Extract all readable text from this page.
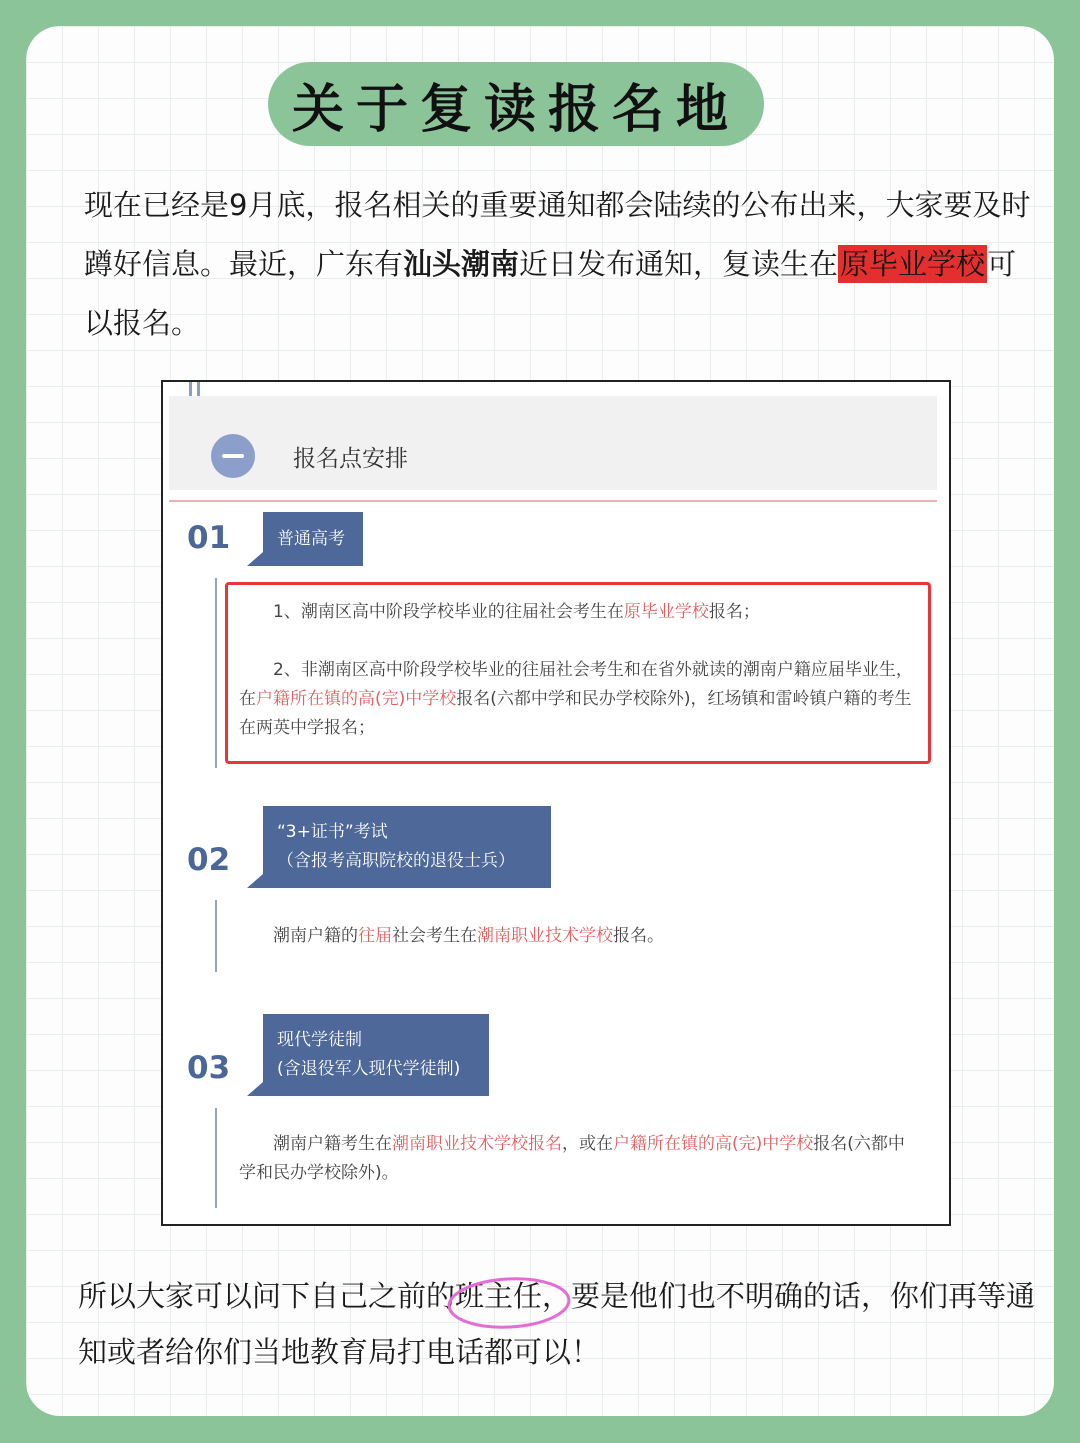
关于复读报名地
现在已经是9月底，报名相关的重要通知都会陆续的公布出来，大家要及时蹲好信息。最近，广东有汕头潮南近日发布通知，复读生在原毕业学校可以报名。
报名点安排
01	普通高考
1、潮南区高中阶段学校毕业的往届社会考生在原毕业学校报名；
2、非潮南区高中阶段学校毕业的往届社会考生和在省外就读的潮南户籍应届毕业生，在户籍所在镇的高(完)中学校报名(六都中学和民办学校除外)，红场镇和雷岭镇户籍的考生在两英中学报名；
02
“3+证书”考试
（含报考高职院校的退役士兵）
潮南户籍的往届社会考生在潮南职业技术学校报名。
03
现代学徒制
(含退役军人现代学徒制)
潮南户籍考生在潮南职业技术学校报名，或在户籍所在镇的高(完)中学校报名(六都中学和民办学校除外)。
所以大家可以问下自己之前的
班主任，要是他们也不明确的话，你们再等通知或者给你们当地教育局打电话都可以！
